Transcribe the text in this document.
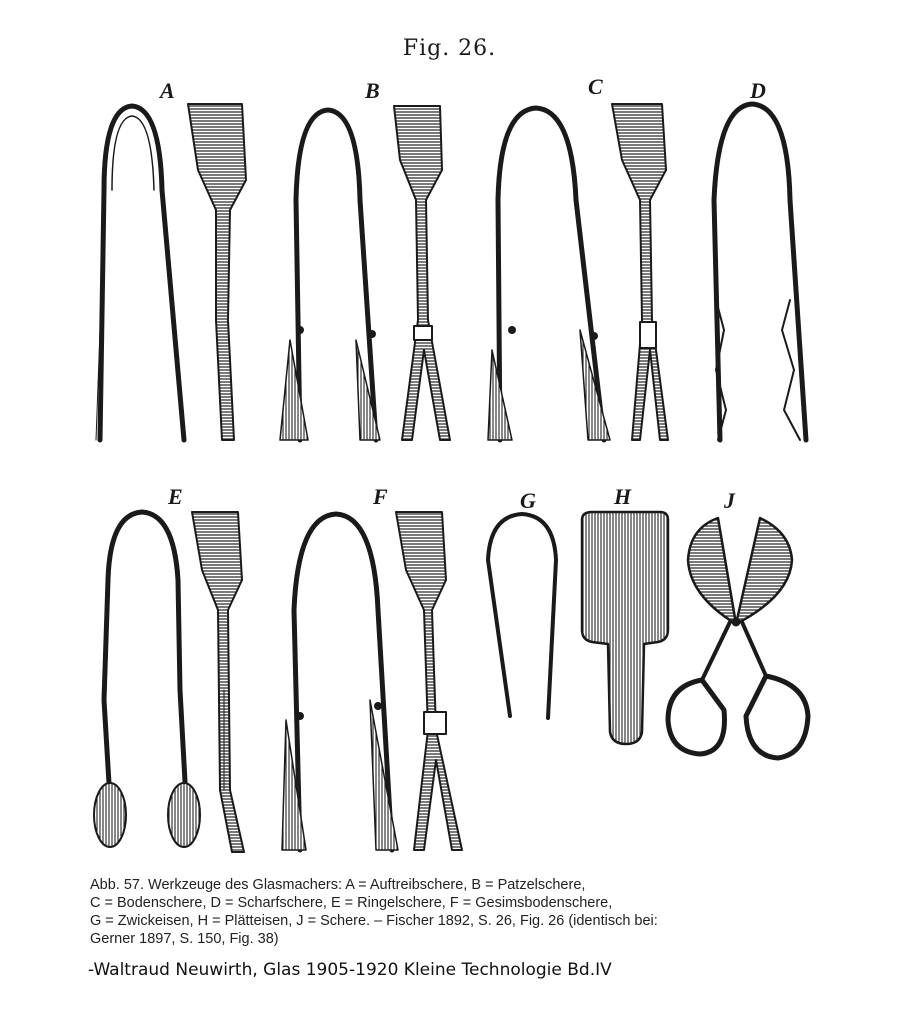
Fig. 26.
A	B	C	D
E	F	G	H	J
Abb. 57. Werkzeuge des Glasmachers: A = Auftreibschere, B = Patzelschere,
C = Bodenschere, D = Scharfschere, E = Ringelschere, F = Gesimsbodenschere,
G = Zwickeisen, H = Plätteisen, J = Schere. – Fischer 1892, S. 26, Fig. 26 (identisch bei:
Gerner 1897, S. 150, Fig. 38)
-Waltraud Neuwirth, Glas 1905-1920 Kleine Technologie Bd.IV
